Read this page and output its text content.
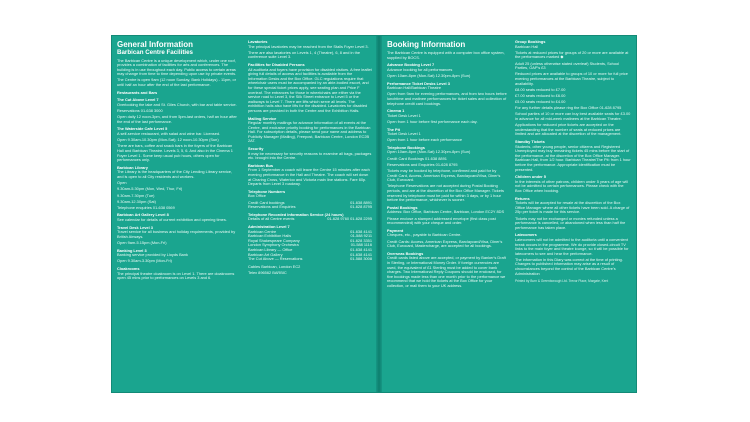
General Information
Barbican Centre Facilities

The Barbican Centre is a unique development which, under one roof, provides a combination of facilities for arts and conferences. The building is in use throughout each day. Public access to certain areas may change from time to time depending upon use by private events.

The Centre is open 9am (12 noon Sunday, Bank Holidays) - 11pm, or until half an hour after the end of the last performance.

Restaurants and Bars
The Cut Above Level 7

Overlooking the lake and St. Giles Church, with bar and table service.

Reservations 01-638 3000

Open daily 12 noon-3pm, and from 5pm-last orders, half an hour after the end of the last performance.

The Waterside Cafe Level 5

A self-service restaurant, with salad and wine bar. Licensed.

Open 9.30am-10.30pm (Mon-Sat); 12 noon-10.30pm (Sun)

There are bars, coffee and snack bars in the foyers of the Barbican Hall and Barbican Theatre. Levels 3, 5, 6. And also in the Cinema 1 Foyer Level 1. Some keep usual pub hours, others open for performances only.

Barbican Library

The Library is the headquarters of the City Lending Library service, and is open to all City residents and workers.

Open

9.30am-5.30pm (Mon, Wed, Thur, Fri)

9.30am-7.30pm (Tue)

9.30am-12.30pm (Sat)

Telephone enquiries 01-638 0569

Barbican Art Gallery Level 8

See calendar for details of current exhibition and opening times.

Travel Desk Level 3

Travel service for all business and holiday requirements, provided by British Airways.

Open 9am-5.15pm (Mon-Fri)

Banking Level 3

Banking service provided by Lloyds Bank

Open 9.30am-3.30pm (Mon-Fri)

Cloakrooms

The principal theatre cloakroom is on Level 1. There are cloakrooms open 45 mins prior to performances on Levels 3 and 6.

Lavatories

The principal lavatories may be reached from the Stalls Foyer Level 3.

There are also lavatories on Levels 1, 4 (Theatre), 6, 8 and in the conference suite Level 3.

Facilities for Disabled Persons

All auditoria and foyers have provision for disabled visitors. A free leaflet giving full details of access and facilities is available from the Information Desks and the Box Office. GLC regulations require that wheelchair users must be accompanied by an able-bodied escort, and for these special ticket prices apply, see seating plan and Price F overleaf. The entrances for those in wheelchairs are either via the service road to Level 3, the Silk Street entrance to Level 5 or the walkways to Level 7. There are lifts which serve all levels. The exhibition halls also have lifts for the disabled. Lavatories for disabled persons are provided in both the Centre and the Exhibition Halls.

Mailing Service

Regular monthly mailings for advance information of all events at the Centre, and exclusive priority booking for performances in the Barbican Hall. For subscription details, please send your name and address to Publicity Manager (Mailing), Freepost, Barbican Centre, London EC2B 2AT.

Security

It may be necessary for security reasons to examine all bags, packages etc. brought into the Centre.

Barbican Bus

From 1 September a coach will leave the Centre 15 minutes after each evening performance in the Hall and Theatre. The coach will set down at Charing Cross, Waterloo and Victoria main line stations. Fare 60p. Departs from Level 3 roadway.

Telephone Numbers

Box Office

Credit Card bookings	01-638 8891
Reservations and Enquiries	01-628 8795
Telephone Recorded Information Service (24 hours)
Details of all Centre events	01-628 9760 01-628 2295
Administration Level 7
Barbican Centre	01-638 4141
Barbican Exhibition Halls	01-588 9211
Royal Shakespeare Company	01-628 3351
London Symphony Orchestra	01-588 1116
Barbican Library — Office	01-638 4141
Barbican Art Gallery	01-638 4141
The Cut Above — Reservations	01-588 3008

Cables Barbican, London EC2

Telex 896562 BARBIC

Booking Information

The Barbican Centre is equipped with a computer box office system, supplied by BOCS.

Advance Booking Level 7

Advance booking for all performances

Open 10am-8pm (Mon-Sat) 12.30pm-8pm (Sun)

Performance Ticket Desks Level 3

Barbican Hall/Barbican Theatre

Open from 9am for evening performances, and from two hours before lunchtime and matinee performances for ticket sales and collection of telephone credit card bookings.

Cinema 1

Ticket Desk Level 1

Open from 1 hour before first performance each day.

The Pit

Ticket Desk Level 1

Open from 1 hour before each performance

Telephone Bookings

Open 10am-8pm (Mon-Sat) 12.30pm-8pm (Sun)

Credit Card Bookings 01-638 8891

Reservations and Enquiries 01-628 8795

Tickets may be booked by telephone, confirmed and paid for by Credit Card, Access, American Express, Barclaycard/Visa, Diner's Club, Eurocard.

Telephone Reservations are not accepted during Postal Booking periods, and are at the discretion of the Box Office Manager. Tickets reserved by telephone must be paid for within 3 days, or by 1 hour before the performance, whichever is sooner.

Postal Bookings

Address: Box Office, Barbican Centre, Barbican, London EC2Y 8DS

Please enclose a stamped addressed envelope (first class post recommended) with your cheque and order.

Payment

Cheques, etc., payable to Barbican Centre.

Credit Cards: Access, American Express, Barclaycard/Visa, Diner's Club, Eurocard, Mastercharge, are accepted for all bookings.

Overseas Bookings

Credit cards listed above are accepted, or payment by Banker's Draft in Sterling, or International Money Order. If foreign currencies are used, the equivalent of £1 Sterling must be added to cover bank charges. Two International Reply Coupons should be enclosed, for five bookings made less than one month prior to the performance we recommend that we hold the tickets at the Box Office for your collection, or mail them to your UK address.

Group Bookings

Barbican Hall

Tickets at reduced prices for groups of 20 or more are available at the performances marked ◆

Adult 25 (unless otherwise stated overleaf) Students, School Parties, OAP's £3

Reduced prices are available to groups of 10 or more for full price evening performances at the Barbican Theatre, subject to availability.

£8.00 seats reduced to £7.00

£7.00 seats reduced to £6.00

£5.00 seats reduced to £4.00

For any further details please ring the Box Office 01-628 8795

School parties of 10 or more can buy best available seats for £3.00 in advance for all mid-week matinees at the Barbican Theatre.

Applications for reduced price tickets are accepted on the understanding that the number of seats at reduced prices are limited and are allocated at the discretion of the management.

Standby Tickets

Students, other young people, senior citizens and Registered Unemployed may buy remaining tickets 45 mins before the start of the performance, at the discretion of the Box Office Manager. Barbican Hall, from 1/2 hour. Barbican Theatre/The Pit: from 1 hour before the performance. Appropriate identification must be presented.

Children under 5

In the interests of other patrons, children under 5 years of age will not be admitted to certain performances. Please check with the Box Office when booking.

Returns

Tickets will be accepted for resale at the discretion of the Box Office Manager where all other tickets have been sold. A charge of 25p per ticket is made for this service.

Tickets may not be exchanged or monies refunded unless a performance is cancelled, or abandoned when less than half the performance has taken place.

Latecomers

Latecomers will not be admitted to the auditoria until a convenient break occurs in the programme. We do provide closed-circuit TV links to the main foyer and theatre lounge, so it will be possible for latecomers to see and hear the performance.

The information in this Diary was correct at the time of printing. Changes to published information may arise as a result of circumstances beyond the control of the Barbican Centre's Administration

Printed by Burn & Greenborough Ltd. Trevor Place, Margate, Kent
